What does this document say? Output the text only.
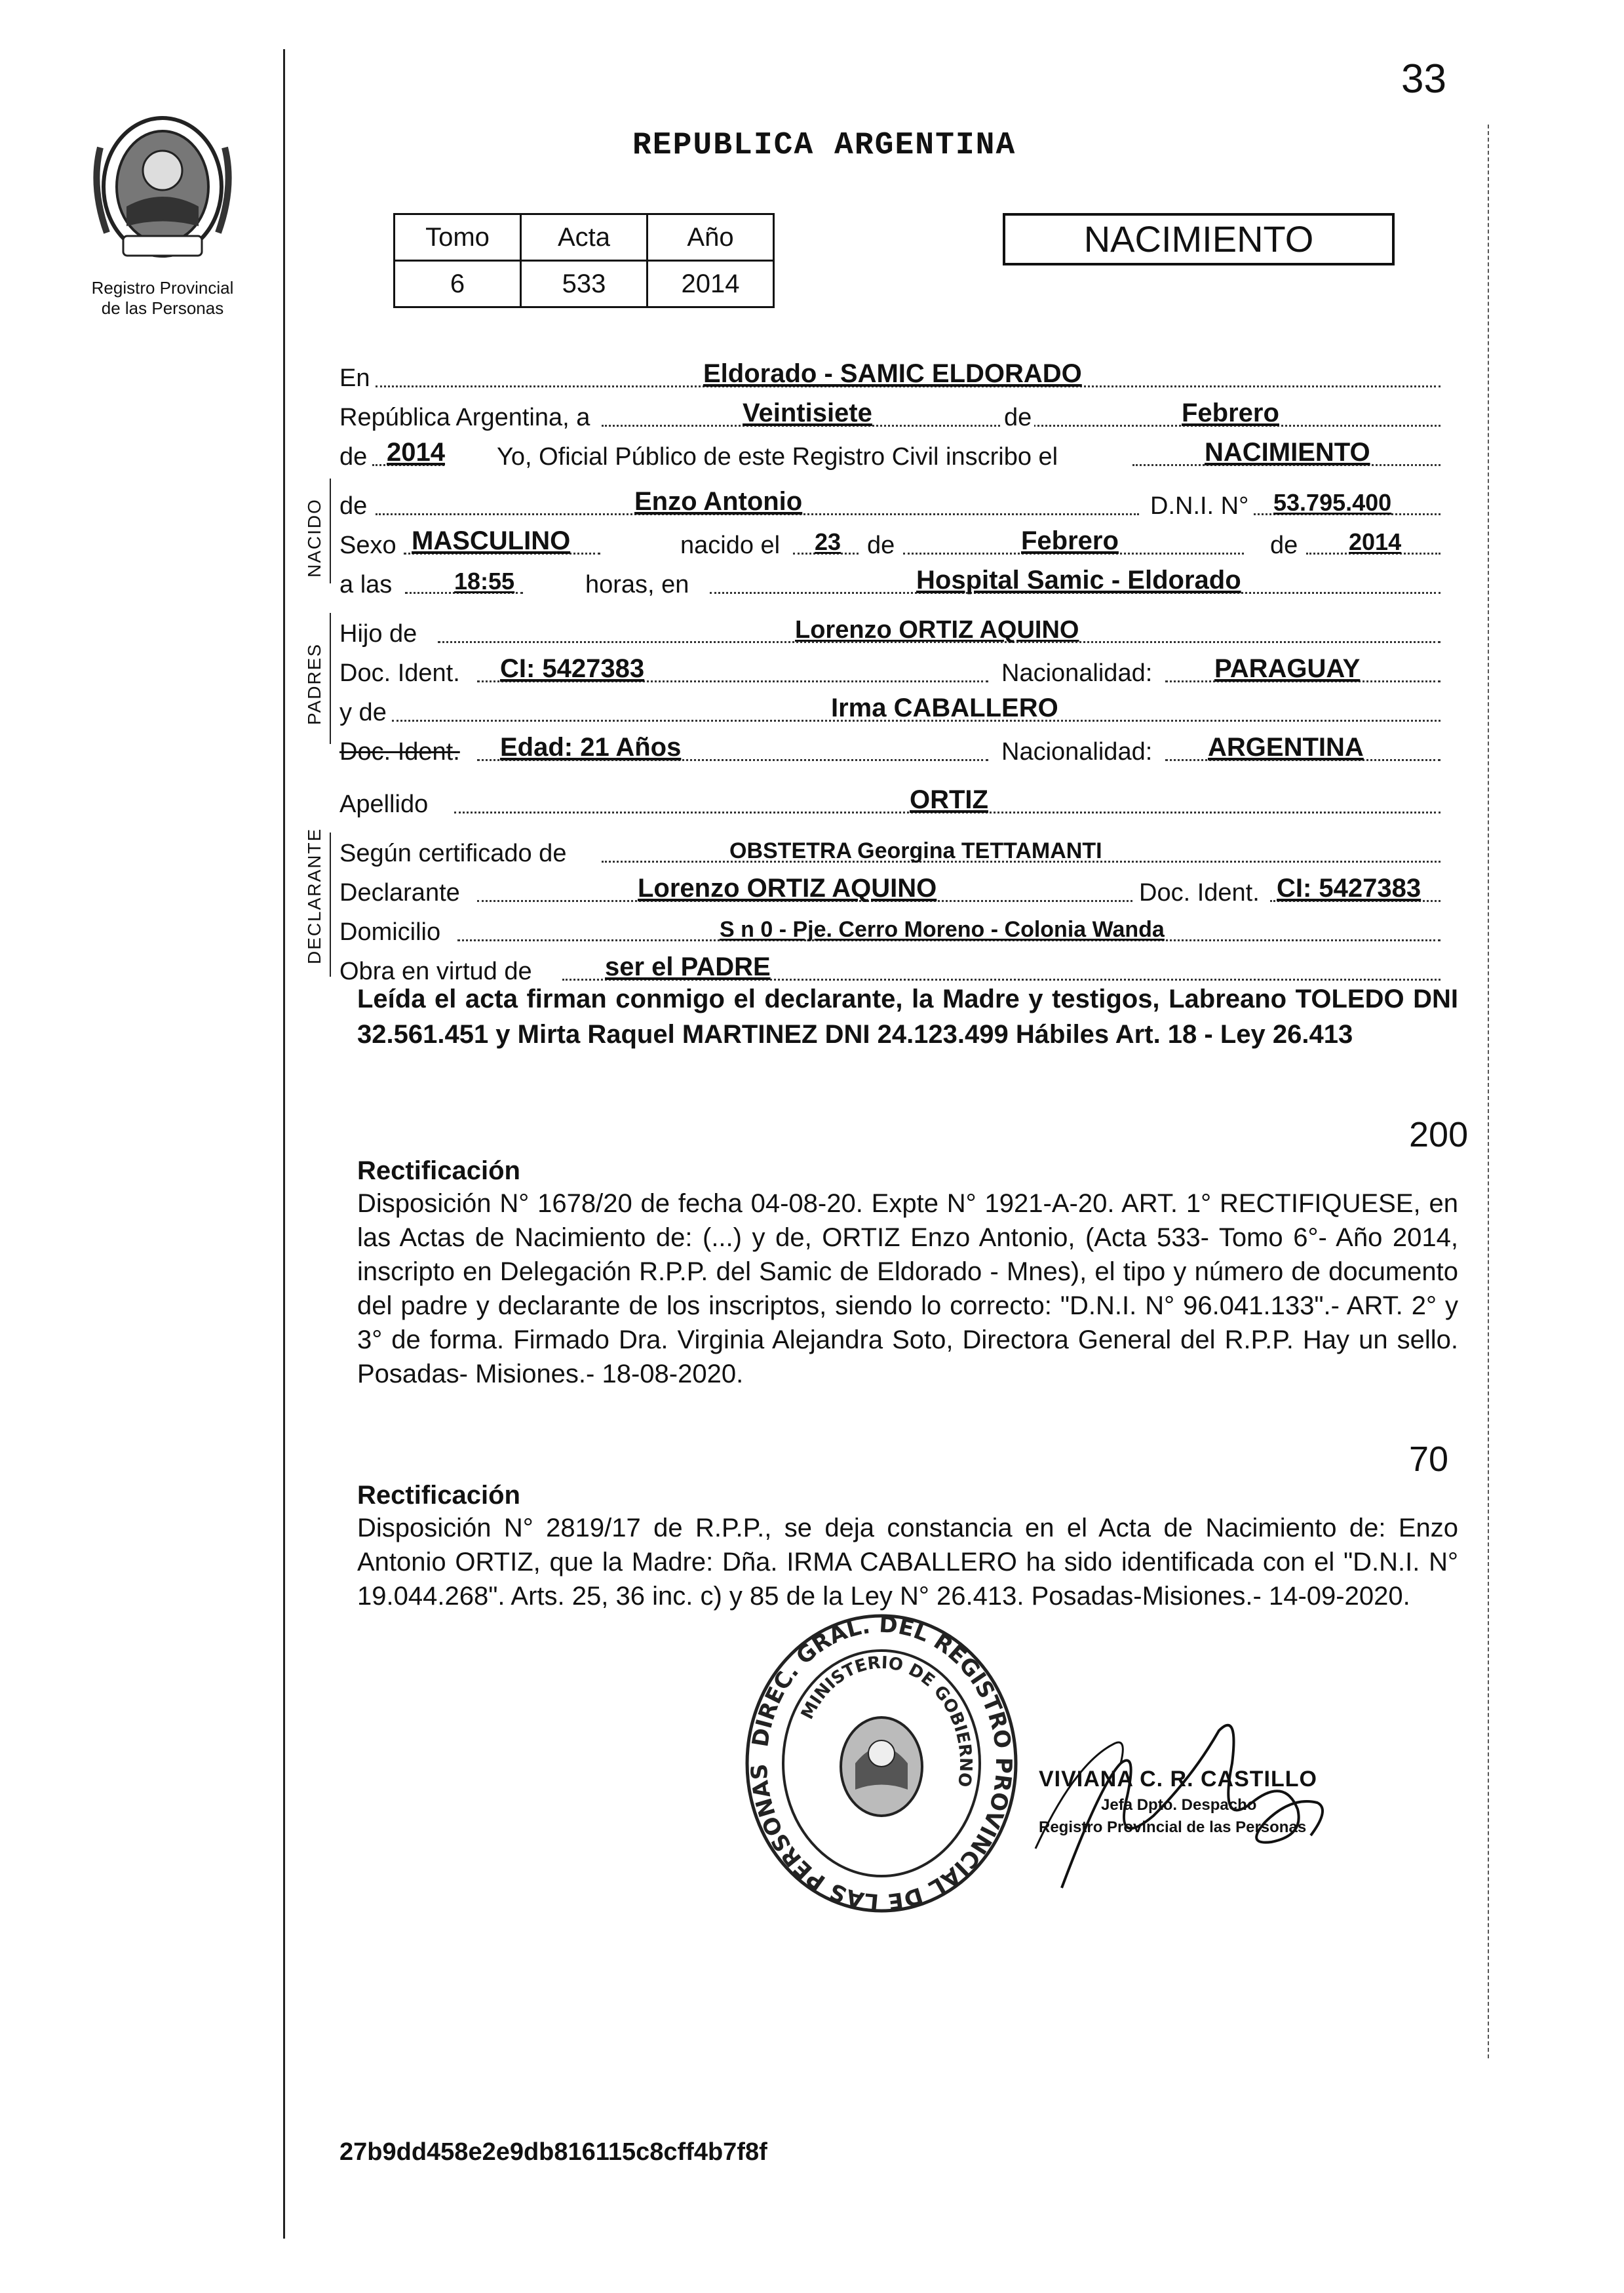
33
Registro Provincial
de las Personas
REPUBLICA ARGENTINA
Tomo	Acta	Año
6	533	2014
NACIMIENTO
NACIDO
PADRES
DECLARANTE
En	Eldorado - SAMIC ELDORADO
República Argentina, a	Veintisiete	de	Febrero
de 2014 Yo, Oficial Público de este Registro Civil inscribo el	NACIMIENTO
de	Enzo Antonio	D.N.I. N° 53.795.400
Sexo MASCULINO	nacido el 23 de	Febrero	de 2014
a las	18:55	horas, en	Hospital Samic - Eldorado
Hijo de	Lorenzo ORTIZ AQUINO
Doc. Ident. CI: 5427383	Nacionalidad: PARAGUAY
y de	Irma CABALLERO
Doc. Ident. Edad: 21 Años	Nacionalidad: ARGENTINA
Apellido	ORTIZ
Según certificado de	OBSTETRA Georgina TETTAMANTI
Declarante	Lorenzo ORTIZ AQUINO	Doc. Ident. CI: 5427383
Domicilio	S n 0 - Pje. Cerro Moreno - Colonia Wanda
Obra en virtud de	ser el PADRE
Leída el acta firman conmigo el declarante, la Madre y testigos, Labreano TOLEDO DNI 32.561.451 y Mirta Raquel MARTINEZ DNI 24.123.499 Hábiles Art. 18 - Ley 26.413
200
Rectificación
Disposición N° 1678/20 de fecha 04-08-20. Expte N° 1921-A-20. ART. 1° RECTIFIQUESE, en las Actas de Nacimiento de: (...) y de, ORTIZ Enzo Antonio, (Acta 533- Tomo 6°- Año 2014, inscripto en Delegación R.P.P. del Samic de Eldorado - Mnes), el tipo y número de documento del padre y declarante de los inscriptos, siendo lo correcto: "D.N.I. N° 96.041.133".- ART. 2° y 3° de forma. Firmado Dra. Virginia Alejandra Soto, Directora General del R.P.P. Hay un sello. Posadas- Misiones.- 18-08-2020.
70
Rectificación
Disposición N° 2819/17 de R.P.P., se deja constancia en el Acta de Nacimiento de: Enzo Antonio ORTIZ, que la Madre: Dña. IRMA CABALLERO ha sido identificada con el "D.N.I. N° 19.044.268". Arts. 25, 36 inc. c) y 85 de la Ley N° 26.413. Posadas-Misiones.- 14-09-2020.
DIREC. GRAL. DEL REGISTRO PROVINCIAL DE LAS PERSONAS
MINISTERIO DE GOBIERNO	VIVIANA C. R. CASTILLO
Jefa Dpto. Despacho
Registro Provincial de las Personas
27b9dd458e2e9db816115c8cff4b7f8f
